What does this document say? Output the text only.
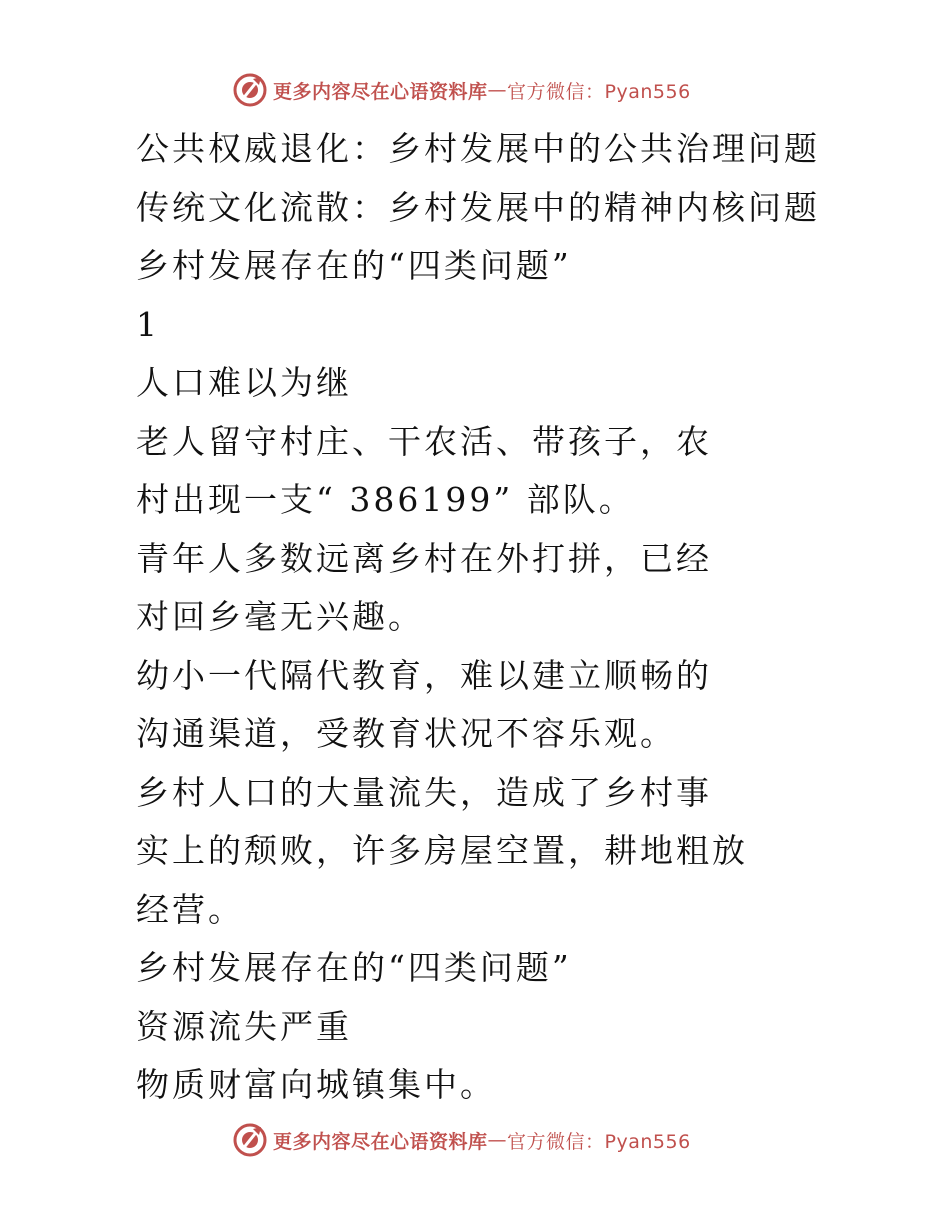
更多内容尽在心语资料库 — 官方微信：Pyan556
公共权威退化：乡村发展中的公共治理问题
传统文化流散：乡村发展中的精神内核问题
乡村发展存在的“四类问题”
1
人口难以为继
老人留守村庄、干农活、带孩子，农
村出现一支“ 386199” 部队。
青年人多数远离乡村在外打拼，已经
对回乡毫无兴趣。
幼小一代隔代教育，难以建立顺畅的
沟通渠道，受教育状况不容乐观。
乡村人口的大量流失，造成了乡村事
实上的颓败，许多房屋空置，耕地粗放
经营。
乡村发展存在的“四类问题”
资源流失严重
物质财富向城镇集中。
更多内容尽在心语资料库 — 官方微信：Pyan556
